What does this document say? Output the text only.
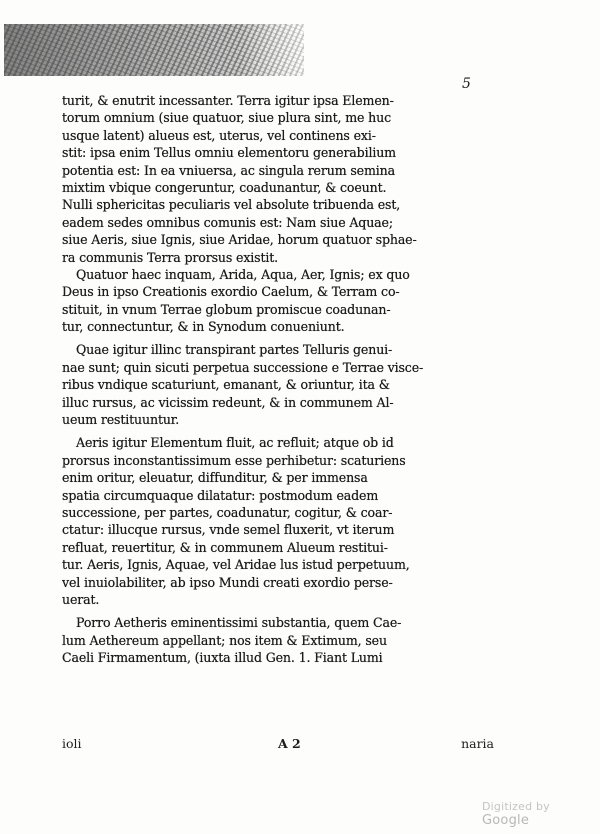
5
turit, & enutrit incessanter. Terra igitur ipsa Elemen-
torum omnium (siue quatuor, siue plura sint, me huc
usque latent) alueus est, uterus, vel continens exi-
stit: ipsa enim Tellus omniu elementoru generabilium
potentia est: In ea vniuersa, ac singula rerum semina
mixtim vbique congeruntur, coadunantur, & coeunt.
Nulli sphericitas peculiaris vel absolute tribuenda est,
eadem sedes omnibus comunis est: Nam siue Aquae;
siue Aeris, siue Ignis, siue Aridae, horum quatuor sphae-
ra communis Terra prorsus existit.
Quatuor haec inquam, Arida, Aqua, Aer, Ignis; ex quo
Deus in ipso Creationis exordio Caelum, & Terram co-
stituit, in vnum Terrae globum promiscue coadunan-
tur, connectuntur, & in Synodum conueniunt.
Quae igitur illinc transpirant partes Telluris genui-
nae sunt; quin sicuti perpetua successione e Terrae visce-
ribus vndique scaturiunt, emanant, & oriuntur, ita &
illuc rursus, ac vicissim redeunt, & in communem Al-
ueum restituuntur.
Aeris igitur Elementum fluit, ac refluit; atque ob id
prorsus inconstantissimum esse perhibetur: scaturiens
enim oritur, eleuatur, diffunditur, & per immensa
spatia circumquaque dilatatur: postmodum eadem
successione, per partes, coadunatur, cogitur, & coar-
ctatur: illucque rursus, vnde semel fluxerit, vt iterum
refluat, reuertitur, & in communem Alueum restitui-
tur. Aeris, Ignis, Aquae, vel Aridae lus istud perpetuum,
vel inuiolabiliter, ab ipso Mundi creati exordio perse-
uerat.
Porro Aetheris eminentissimi substantia, quem Cae-
lum Aethereum appellant; nos item & Extimum, seu
Caeli Firmamentum, (iuxta illud Gen. 1. Fiant Lumi
ioli	A 2	naria
Digitized by Google
